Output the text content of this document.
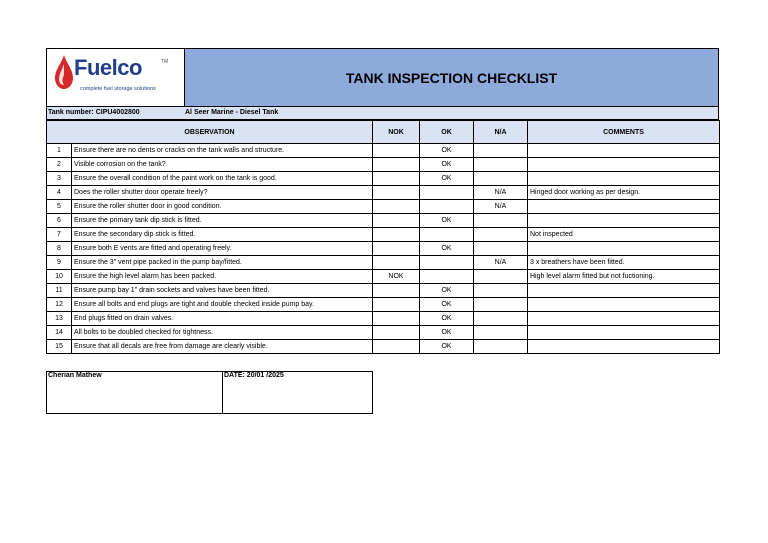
Fuelco	TM
complete fuel storage solutions
TANK INSPECTION CHECKLIST
Tank number: CIPU4002800	Al Seer Marine - Diesel Tank
OBSERVATION		NOK	OK	N/A	COMMENTS
1	Ensure there are no dents or cracks on the tank walls and structure.		OK		
2	Visible corrosion on the tank?		OK		
3	Ensure the overall condition of the paint work on the tank is good.		OK		
4	Does the roller shutter door operate freely?			N/A	Hinged door working as per design.
5	Ensure the roller shutter door in good condition.			N/A	
6	Ensure the primary tank dip stick is fitted.		OK		
7	Ensure the secondary dip stick is fitted.				Not inspected
8	Ensure both E vents are fitted and operating freely.		OK		
9	Ensure the 3" vent pipe packed in the pump bay/fitted.			N/A	3 x breathers have been fitted.
10	Ensure the high level alarm has been packed.	NOK			High level alarm fitted but not fuctioning.
11	Ensure pump bay 1" drain sockets and valves have been fitted.		OK		
12	Ensure all bolts and end plugs are tight and double checked inside pump bay.		OK		
13	End plugs fitted on drain valves.		OK		
14	All bolts to be doubled checked for tightness.		OK		
15	Ensure that all decals are free from damage are clearly visible.		OK		
Cherian Mathew	DATE: 20/01 /2025
